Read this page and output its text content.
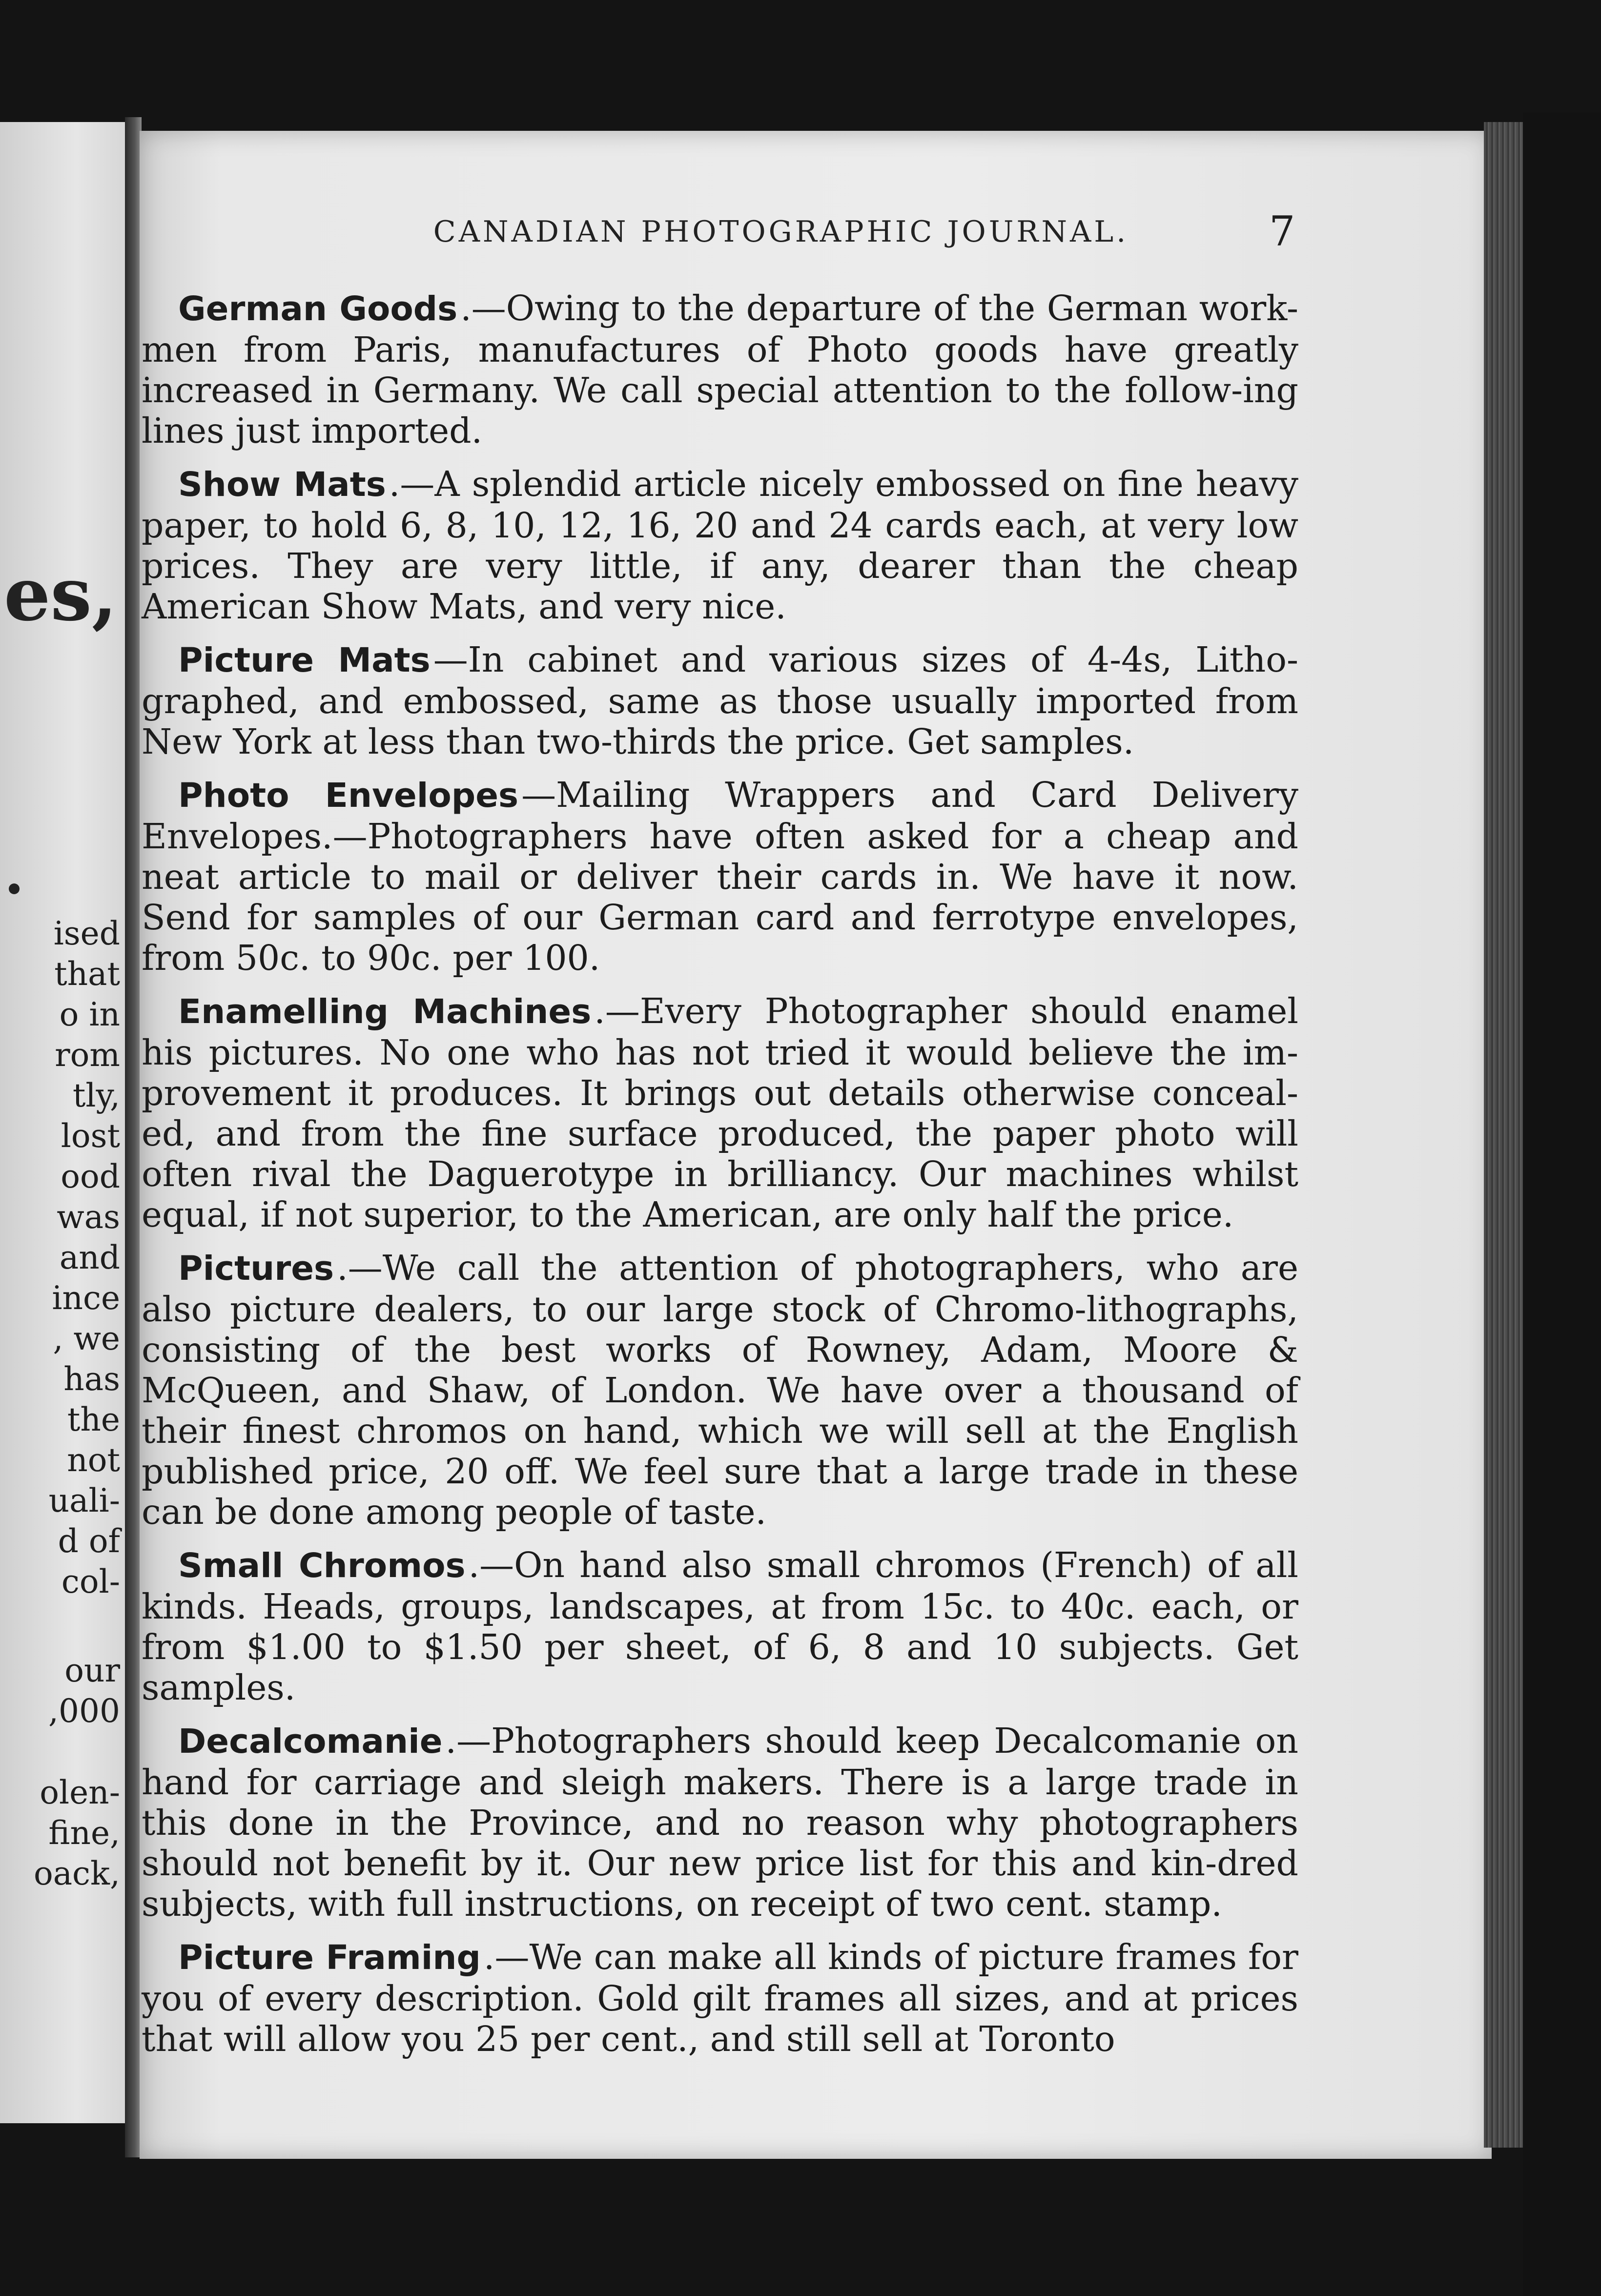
es,
ised
that
o in
rom
tly,
lost
ood
was
and
ince
, we
has
the
not
uali-
d of
col-
our
,000
olen-
fine,
oack,
CANADIAN PHOTOGRAPHIC JOURNAL.	7

German Goods.—Owing to the departure of the German work-men from Paris, manufactures of Photo goods have greatly increased in Germany. We call special attention to the follow-ing lines just imported.

Show Mats.—A splendid article nicely embossed on fine heavy paper, to hold 6, 8, 10, 12, 16, 20 and 24 cards each, at very low prices. They are very little, if any, dearer than the cheap American Show Mats, and very nice.

Picture Mats—In cabinet and various sizes of 4-4s, Litho-graphed, and embossed, same as those usually imported from New York at less than two-thirds the price. Get samples.

Photo Envelopes—Mailing Wrappers and Card Delivery Envelopes.—Photographers have often asked for a cheap and neat article to mail or deliver their cards in. We have it now. Send for samples of our German card and ferrotype envelopes, from 50c. to 90c. per 100.

Enamelling Machines.—Every Photographer should enamel his pictures. No one who has not tried it would believe the im-provement it produces. It brings out details otherwise conceal-ed, and from the fine surface produced, the paper photo will often rival the Daguerotype in brilliancy. Our machines whilst equal, if not superior, to the American, are only half the price.

Pictures.—We call the attention of photographers, who are also picture dealers, to our large stock of Chromo-lithographs, consisting of the best works of Rowney, Adam, Moore & McQueen, and Shaw, of London. We have over a thousand of their finest chromos on hand, which we will sell at the English published price, 20 off. We feel sure that a large trade in these can be done among people of taste.

Small Chromos.—On hand also small chromos (French) of all kinds. Heads, groups, landscapes, at from 15c. to 40c. each, or from $1.00 to $1.50 per sheet, of 6, 8 and 10 subjects. Get samples.

Decalcomanie.—Photographers should keep Decalcomanie on hand for carriage and sleigh makers. There is a large trade in this done in the Province, and no reason why photographers should not benefit by it. Our new price list for this and kin-dred subjects, with full instructions, on receipt of two cent. stamp.

Picture Framing.—We can make all kinds of picture frames for you of every description. Gold gilt frames all sizes, and at prices that will allow you 25 per cent., and still sell at Toronto
